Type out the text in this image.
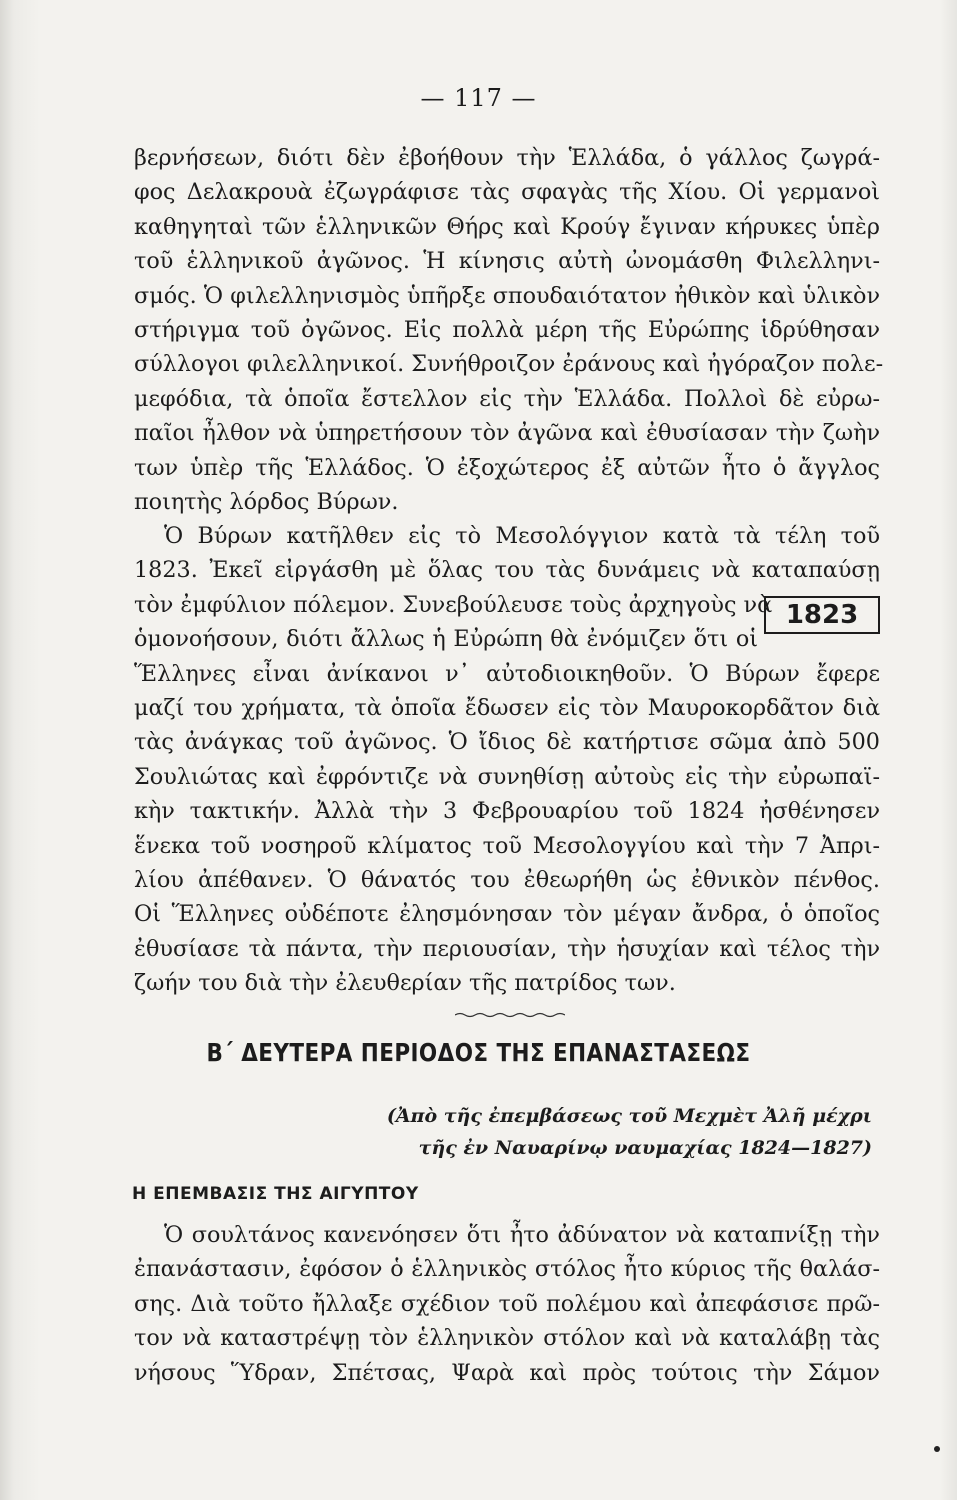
— 117 —
βερνήσεων, διότι δὲν ἐβοήθουν τὴν Ἑλλάδα, ὁ γάλλος ζωγρά-
φος Δελακρουὰ ἐζωγράφισε τὰς σφαγὰς τῆς Χίου. Οἱ γερμανοὶ
καθηγηταὶ τῶν ἑλληνικῶν Θήρς καὶ Κρούγ ἔγιναν κήρυκες ὑπὲρ
τοῦ ἑλληνικοῦ ἀγῶνος. Ἡ κίνησις αὐτὴ ὠνομάσθη Φιλελληνι-
σμός. Ὁ φιλελληνισμὸς ὑπῆρξε σπουδαιότατον ἠθικὸν καὶ ὑλικὸν
στήριγμα τοῦ ὀγῶνος. Εἰς πολλὰ μέρη τῆς Εὐρώπης ἱδρύθησαν
σύλλογοι φιλελληνικοί. Συνήθροιζον ἐράνους καὶ ἠγόραζον πολε-
μεφόδια, τὰ ὁποῖα ἔστελλον εἰς τὴν Ἑλλάδα. Πολλοὶ δὲ εὐρω-
παῖοι ἦλθον νὰ ὑπηρετήσουν τὸν ἀγῶνα καὶ ἐθυσίασαν τὴν ζωὴν
των ὑπὲρ τῆς Ἑλλάδος. Ὁ ἐξοχώτερος ἐξ αὐτῶν ἦτο ὁ ἄγγλος
ποιητὴς λόρδος Βύρων.
Ὁ Βύρων κατῆλθεν εἰς τὸ Μεσολόγγιον κατὰ τὰ τέλη τοῦ
1823. Ἐκεῖ εἰργάσθη μὲ ὅλας του τὰς δυνάμεις νὰ καταπαύσῃ
τὸν ἐμφύλιον πόλεμον. Συνεβούλευσε τοὺς ἀρχηγοὺς νὰ
ὁμονοήσουν, διότι ἄλλως ἡ Εὐρώπη θὰ ἐνόμιζεν ὅτι οἱ
Ἕλληνες εἶναι ἀνίκανοι ν᾽ αὐτοδιοικηθοῦν. Ὁ Βύρων ἔφερε
μαζί του χρήματα, τὰ ὁποῖα ἔδωσεν εἰς τὸν Μαυροκορδᾶτον διὰ
τὰς ἀνάγκας τοῦ ἀγῶνος. Ὁ ἴδιος δὲ κατήρτισε σῶμα ἀπὸ 500
Σουλιώτας καὶ ἐφρόντιζε νὰ συνηθίσῃ αὐτοὺς εἰς τὴν εὐρωπαϊ-
κὴν τακτικήν. Ἀλλὰ τὴν 3 Φεβρουαρίου τοῦ 1824 ἠσθένησεν
ἕνεκα τοῦ νοσηροῦ κλίματος τοῦ Μεσολογγίου καὶ τὴν 7 Ἀπρι-
λίου ἀπέθανεν. Ὁ θάνατός του ἐθεωρήθη ὡς ἐθνικὸν πένθος.
Οἱ Ἕλληνες οὐδέποτε ἐλησμόνησαν τὸν μέγαν ἄνδρα, ὁ ὁποῖος
ἐθυσίασε τὰ πάντα, τὴν περιουσίαν, τὴν ἡσυχίαν καὶ τέλος τὴν
ζωήν του διὰ τὴν ἐλευθερίαν τῆς πατρίδος των.
1823
Β΄ ΔΕΥΤΕΡΑ ΠΕΡΙΟΔΟΣ ΤΗΣ ΕΠΑΝΑΣΤΑΣΕΩΣ
(Ἀπὸ τῆς ἐπεμβάσεως τοῦ Μεχμὲτ Ἀλῆ μέχρι
τῆς ἐν Ναυαρίνῳ ναυμαχίας 1824—1827)
Η ΕΠΕΜΒΑΣΙΣ ΤΗΣ ΑΙΓΥΠΤΟΥ
Ὁ σουλτάνος κανενόησεν ὅτι ἦτο ἀδύνατον νὰ καταπνίξῃ τὴν
ἐπανάστασιν, ἐφόσον ὁ ἑλληνικὸς στόλος ἦτο κύριος τῆς θαλάσ-
σης. Διὰ τοῦτο ἤλλαξε σχέδιον τοῦ πολέμου καὶ ἀπεφάσισε πρῶ-
τον νὰ καταστρέψῃ τὸν ἑλληνικὸν στόλον καὶ νὰ καταλάβῃ τὰς
νήσους Ὕδραν, Σπέτσας, Ψαρὰ καὶ πρὸς τούτοις τὴν Σάμον
